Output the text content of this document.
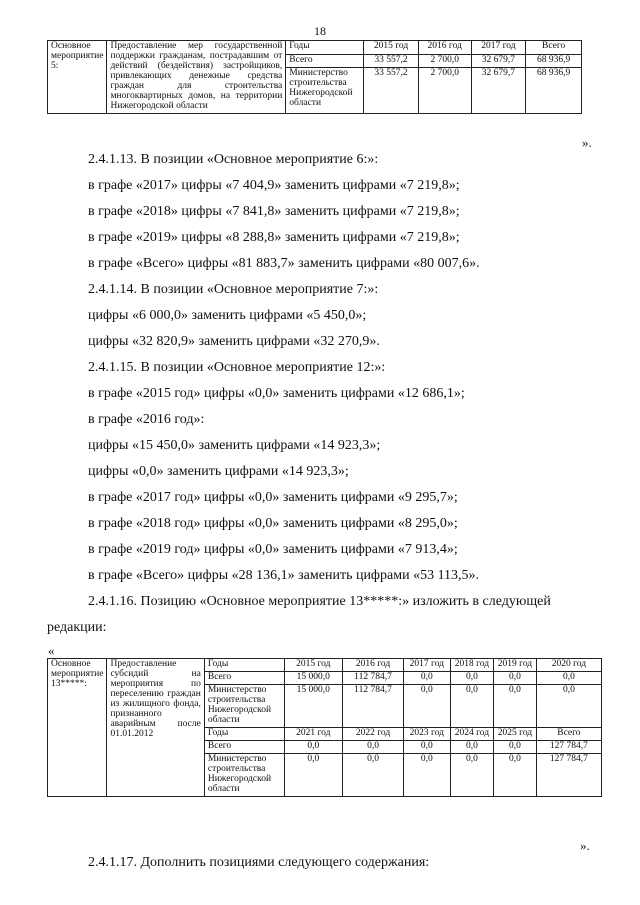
18
Основное мероприятие 5:	Предоставление мер государственной поддержки гражданам, пострадавшим от действий (бездействия) застройщиков, привлекающих денежные средства граждан для строительства многоквартирных домов, на территории Нижегородской области	Годы	2015 год	2016 год	2017 год	Всего
		Всего	33 557,2	2 700,0	32 679,7	68 936,9
		Министерство строительства Нижегородской области	33 557,2	2 700,0	32 679,7	68 936,9
».
2.4.1.13. В позиции «Основное мероприятие 6:»:
в графе «2017» цифры «7 404,9» заменить цифрами «7 219,8»;
в графе «2018» цифры «7 841,8» заменить цифрами «7 219,8»;
в графе «2019» цифры «8 288,8» заменить цифрами «7 219,8»;
в графе «Всего» цифры «81 883,7» заменить цифрами «80 007,6».
2.4.1.14. В позиции «Основное мероприятие 7:»:
цифры «6 000,0» заменить цифрами «5 450,0»;
цифры «32 820,9» заменить цифрами «32 270,9».
2.4.1.15. В позиции «Основное мероприятие 12:»:
в графе «2015 год» цифры «0,0» заменить цифрами «12 686,1»;
в графе «2016 год»:
цифры «15 450,0» заменить цифрами «14 923,3»;
цифры «0,0» заменить цифрами «14 923,3»;
в графе «2017 год» цифры «0,0» заменить цифрами «9 295,7»;
в графе «2018 год» цифры «0,0» заменить цифрами «8 295,0»;
в графе «2019 год» цифры «0,0» заменить цифрами «7 913,4»;
в графе «Всего» цифры «28 136,1» заменить цифрами «53 113,5».
2.4.1.16. Позицию «Основное мероприятие 13*****:» изложить в следующей
редакции:
«
Основное мероприятие 13*****:	Предоставление субсидий на мероприятия по переселению граждан из жилищного фонда, признанного аварийным после 01.01.2012	Годы	2015 год	2016 год	2017 год	2018 год	2019 год	2020 год
		Всего	15 000,0	112 784,7	0,0	0,0	0,0	0,0
		Министерство строительства Нижегородской области	15 000,0	112 784,7	0,0	0,0	0,0	0,0
		Годы	2021 год	2022 год	2023 год	2024 год	2025 год	Всего
		Всего	0,0	0,0	0,0	0,0	0,0	127 784,7
		Министерство строительства Нижегородской области	0,0	0,0	0,0	0,0	0,0	127 784,7
».
2.4.1.17. Дополнить позициями следующего содержания:
